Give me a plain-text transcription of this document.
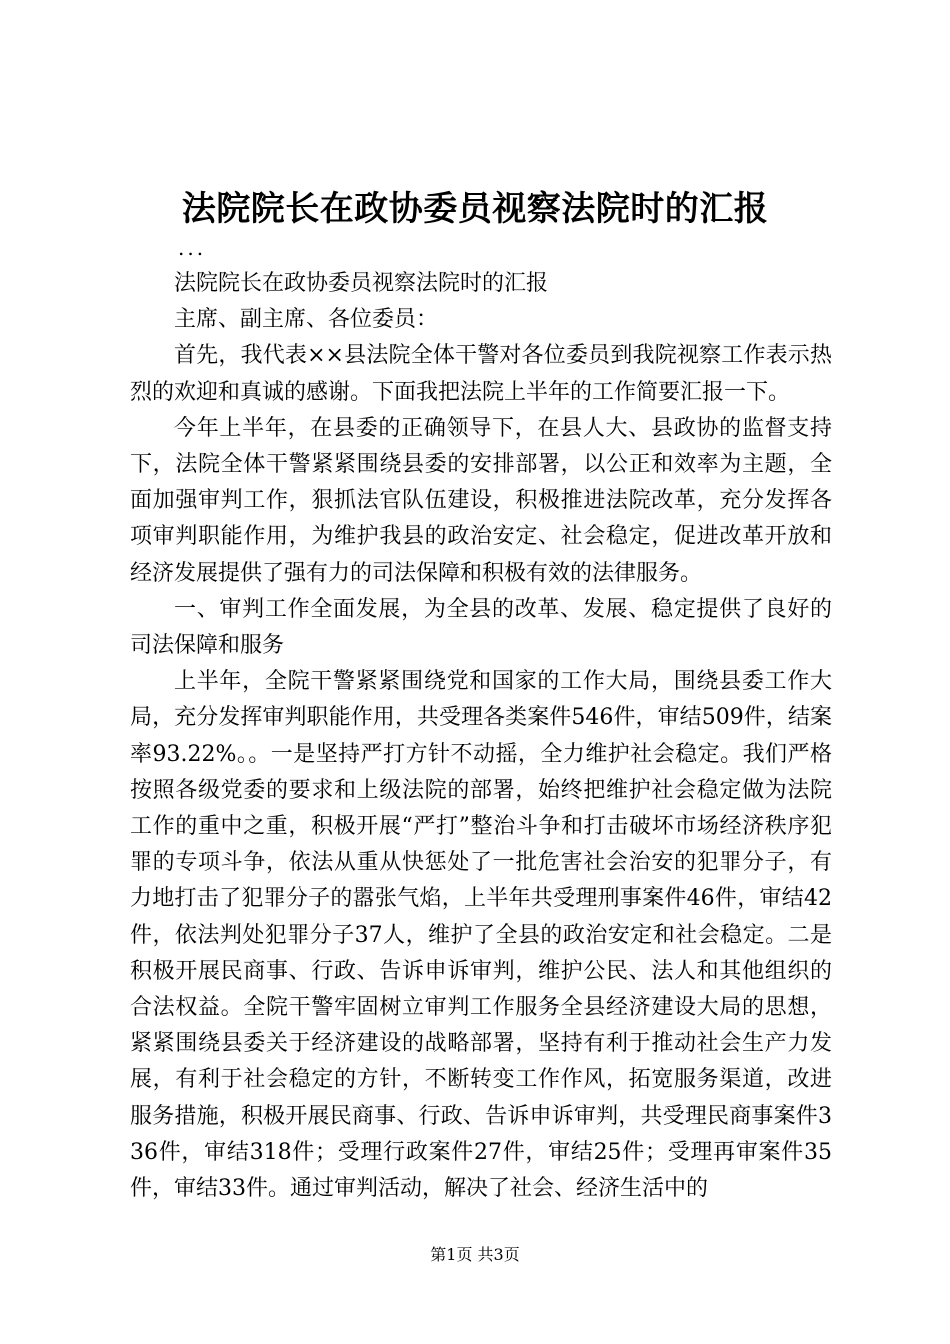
法院院长在政协委员视察法院时的汇报
...

法院院长在政协委员视察法院时的汇报

主席、副主席、各位委员：

首先，我代表××县法院全体干警对各位委员到我院视察工作表示热烈的欢迎和真诚的感谢。下面我把法院上半年的工作简要汇报一下。

今年上半年，在县委的正确领导下，在县人大、县政协的监督支持下，法院全体干警紧紧围绕县委的安排部署，以公正和效率为主题，全面加强审判工作，狠抓法官队伍建设，积极推进法院改革，充分发挥各项审判职能作用，为维护我县的政治安定、社会稳定，促进改革开放和经济发展提供了强有力的司法保障和积极有效的法律服务。

一、审判工作全面发展，为全县的改革、发展、稳定提供了良好的司法保障和服务

上半年，全院干警紧紧围绕党和国家的工作大局，围绕县委工作大局，充分发挥审判职能作用，共受理各类案件546件，审结509件，结案率93.22%。。一是坚持严打方针不动摇，全力维护社会稳定。我们严格按照各级党委的要求和上级法院的部署，始终把维护社会稳定做为法院工作的重中之重，积极开展“严打”整治斗争和打击破坏市场经济秩序犯罪的专项斗争，依法从重从快惩处了一批危害社会治安的犯罪分子，有力地打击了犯罪分子的嚣张气焰，上半年共受理刑事案件46件，审结42件，依法判处犯罪分子37人，维护了全县的政治安定和社会稳定。二是积极开展民商事、行政、告诉申诉审判，维护公民、法人和其他组织的合法权益。全院干警牢固树立审判工作服务全县经济建设大局的思想，紧紧围绕县委关于经济建设的战略部署，坚持有利于推动社会生产力发展，有利于社会稳定的方针，不断转变工作作风，拓宽服务渠道，改进服务措施，积极开展民商事、行政、告诉申诉审判，共受理民商事案件336件，审结318件；受理行政案件27件，审结25件；受理再审案件35件，审结33件。通过审判活动，解决了社会、经济生活中的

第1页 共3页
